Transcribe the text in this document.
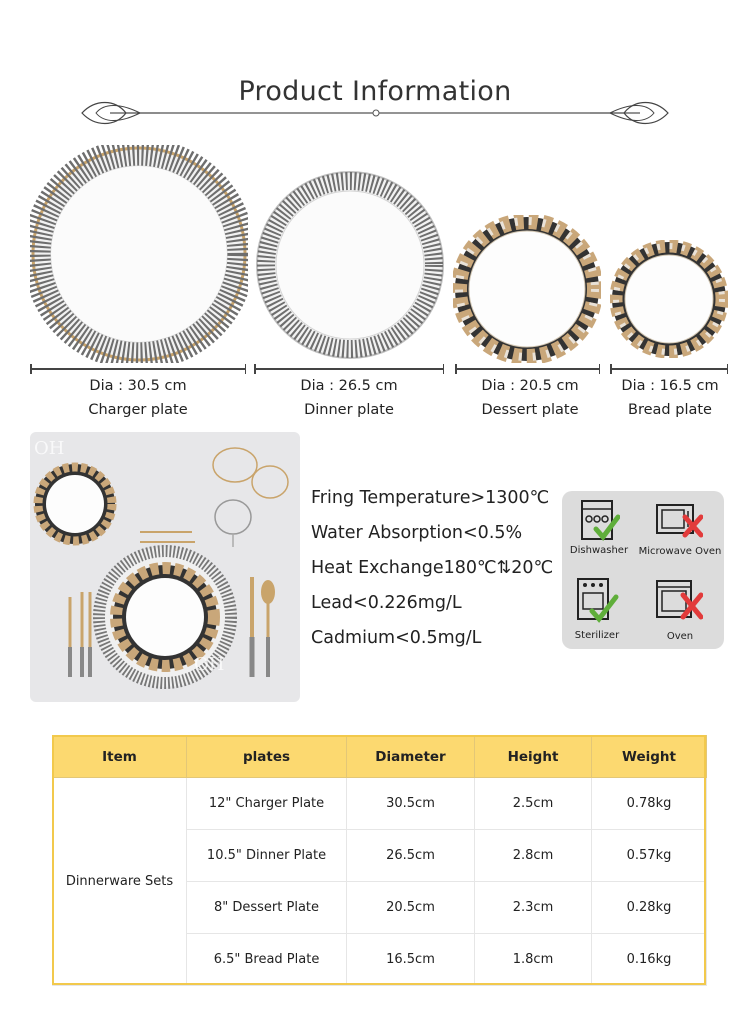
Product Information
Dia : 30.5 cm
Charger plate
Dia : 26.5 cm
Dinner plate
Dia : 20.5 cm
Dessert plate
Dia : 16.5 cm
Bread plate
OH
OH
Fring Temperature>1300℃
Water Absorption<0.5%
Heat Exchange180℃⇅20℃
Lead<0.226mg/L
Cadmium<0.5mg/L
Dishwasher	Microwave Oven
Sterilizer	Oven
Item	plates	Diameter	Height	Weight
Dinnerware Sets	12" Charger Plate	30.5cm	2.5cm	0.78kg
	10.5" Dinner Plate	26.5cm	2.8cm	0.57kg
	8" Dessert Plate	20.5cm	2.3cm	0.28kg
	6.5" Bread Plate	16.5cm	1.8cm	0.16kg
